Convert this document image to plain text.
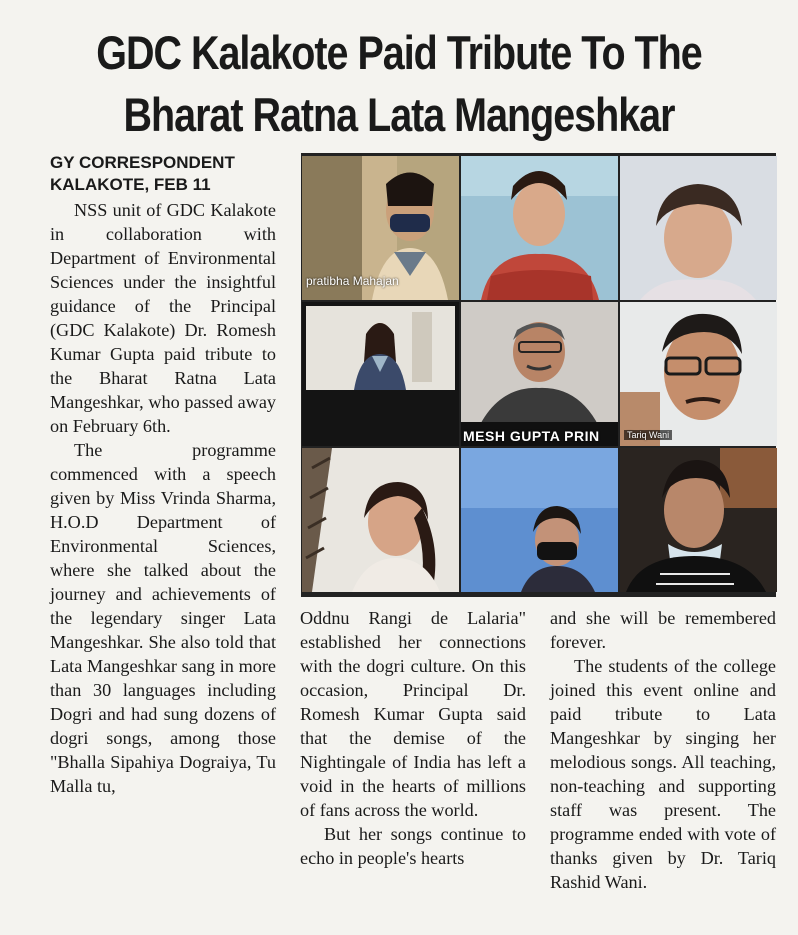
GDC Kalakote Paid Tribute To The
Bharat Ratna Lata Mangeshkar
GY CORRESPONDENT
KALAKOTE, FEB 11

NSS unit of GDC Kalakote in collaboration with Department of Environmental Sciences under the insightful guidance of the Principal (GDC Kalakote) Dr. Romesh Kumar Gupta paid tribute to the Bharat Ratna Lata Mangeshkar, who passed away on February 6th.

The programme commenced with a speech given by Miss Vrinda Sharma, H.O.D Department of Environmental Sciences, where she talked about the journey and achievements of the legendary singer Lata Mangeshkar. She also told that Lata Mangeshkar sang in more than 30 languages including Dogri and had sung dozens of dogri songs, among those "Bhalla Sipahiya Dograiya, Tu Malla tu,

pratibha Mahajan
MESH GUPTA PRIN	Tariq Wani

Oddnu Rangi de Lalaria" established her connections with the dogri culture. On this occasion, Principal Dr. Romesh Kumar Gupta said that the demise of the Nightingale of India has left a void in the hearts of millions of fans across the world.

But her songs continue to echo in people's hearts

and she will be remembered forever.

The students of the college joined this event online and paid tribute to Lata Mangeshkar by singing her melodious songs. All teaching, non-teaching and supporting staff was present. The programme ended with vote of thanks given by Dr. Tariq Rashid Wani.
